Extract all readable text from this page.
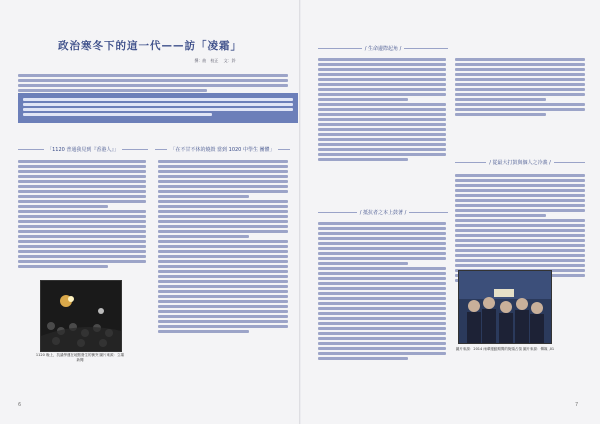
政治寒冬下的這一代——訪「凌霜」
撰：曲　校正 　文：鈴
「1120 普通我見到『香港人』」
1120 晚上，抗議學運在地點發生的衝突 圖片來源：立場新聞
「在不甘不休的燒毀 當到 1020 中學生 團體」
6
/ 生命邊際起角 /
/ 抵抗者之本上鼓著 /
/ 從最大打鼓與個人之冷義 /
圖片來源：2014 雨傘運動期間的街頭占領 圖片來源：傳媒 ,01
7
